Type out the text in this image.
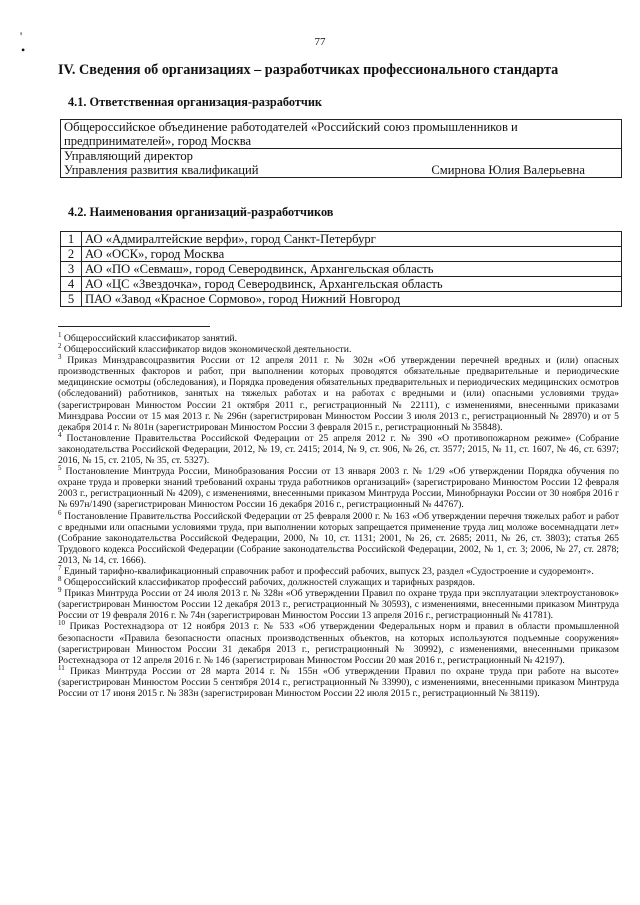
77
'
•
IV. Сведения об организациях – разработчиках профессионального стандарта
4.1. Ответственная организация-разработчик
Общероссийское объединение работодателей «Российский союз промышленников и
предпринимателей», город Москва

Управляющий директор
Управления развития квалификаций	Смирнова Юлия Валерьевна
4.2. Наименования организаций-разработчиков
1	АО «Адмиралтейские верфи», город Санкт-Петербург
2	АО «ОСК», город Москва
3	АО «ПО «Севмаш», город Северодвинск, Архангельская область
4	АО «ЦС «Звездочка», город Северодвинск, Архангельская область
5	ПАО «Завод «Красное Сормово», город Нижний Новгород

$^1$ Общероссийский классификатор занятий.

$^2$ Общероссийский классификатор видов экономической деятельности.

$^3$ Приказ Минздравсоцразвития России от 12 апреля 2011 г. № 302н «Об утверждении перечней вредных и (или) опасных производственных факторов и работ, при выполнении которых проводятся обязательные предварительные и периодические медицинские осмотры (обследования), и Порядка проведения обязательных предварительных и периодических медицинских осмотров (обследований) работников, занятых на тяжелых работах и на работах с вредными и (или) опасными условиями труда» (зарегистрирован Минюстом России 21 октября 2011 г., регистрационный № 22111), с изменениями, внесенными приказами Минздрава России от 15 мая 2013 г. № 296н (зарегистрирован Минюстом России 3 июля 2013 г., регистрационный № 28970) и от 5 декабря 2014 г. № 801н (зарегистрирован Минюстом России 3 февраля 2015 г., регистрационный № 35848).

$^4$ Постановление Правительства Российской Федерации от 25 апреля 2012 г. № 390 «О противопожарном режиме» (Собрание законодательства Российской Федерации, 2012, № 19, ст. 2415; 2014, № 9, ст. 906, № 26, ст. 3577; 2015, № 11, ст. 1607, № 46, ст. 6397; 2016, № 15, ст. 2105, № 35, ст. 5327).

$^5$ Постановление Минтруда России, Минобразования России от 13 января 2003 г. № 1/29 «Об утверждении Порядка обучения по охране труда и проверки знаний требований охраны труда работников организаций» (зарегистрировано Минюстом России 12 февраля 2003 г., регистрационный № 4209), с изменениями, внесенными приказом Минтруда России, Минобрнауки России от 30 ноября 2016 г № 697н/1490 (зарегистрирован Минюстом России 16 декабря 2016 г., регистрационный № 44767).

$^6$ Постановление Правительства Российской Федерации от 25 февраля 2000 г. № 163 «Об утверждении перечня тяжелых работ и работ с вредными или опасными условиями труда, при выполнении которых запрещается применение труда лиц моложе восемнадцати лет» (Собрание законодательства Российской Федерации, 2000, № 10, ст. 1131; 2001, № 26, ст. 2685; 2011, № 26, ст. 3803); статья 265 Трудового кодекса Российской Федерации (Собрание законодательства Российской Федерации, 2002, № 1, ст. 3; 2006, № 27, ст. 2878; 2013, № 14, ст. 1666).

$^7$ Единый тарифно-квалификационный справочник работ и профессий рабочих, выпуск 23, раздел «Судостроение и судоремонт».

$^8$ Общероссийский классификатор профессий рабочих, должностей служащих и тарифных разрядов.

$^9$ Приказ Минтруда России от 24 июля 2013 г. № 328н «Об утверждении Правил по охране труда при эксплуатации электроустановок» (зарегистрирован Минюстом России 12 декабря 2013 г., регистрационный № 30593), с изменениями, внесенными приказом Минтруда России от 19 февраля 2016 г. № 74н (зарегистрирован Минюстом России 13 апреля 2016 г., регистрационный № 41781).

$^{10}$ Приказ Ростехнадзора от 12 ноября 2013 г. № 533 «Об утверждении Федеральных норм и правил в области промышленной безопасности «Правила безопасности опасных производственных объектов, на которых используются подъемные сооружения» (зарегистрирован Минюстом России 31 декабря 2013 г., регистрационный № 30992), с изменениями, внесенными приказом Ростехнадзора от 12 апреля 2016 г. № 146 (зарегистрирован Минюстом России 20 мая 2016 г., регистрационный № 42197).

$^{11}$ Приказ Минтруда России от 28 марта 2014 г. № 155н «Об утверждении Правил по охране труда при работе на высоте» (зарегистрирован Минюстом России 5 сентября 2014 г., регистрационный № 33990), с изменениями, внесенными приказом Минтруда России от 17 июня 2015 г. № 383н (зарегистрирован Минюстом России 22 июля 2015 г., регистрационный № 38119).
